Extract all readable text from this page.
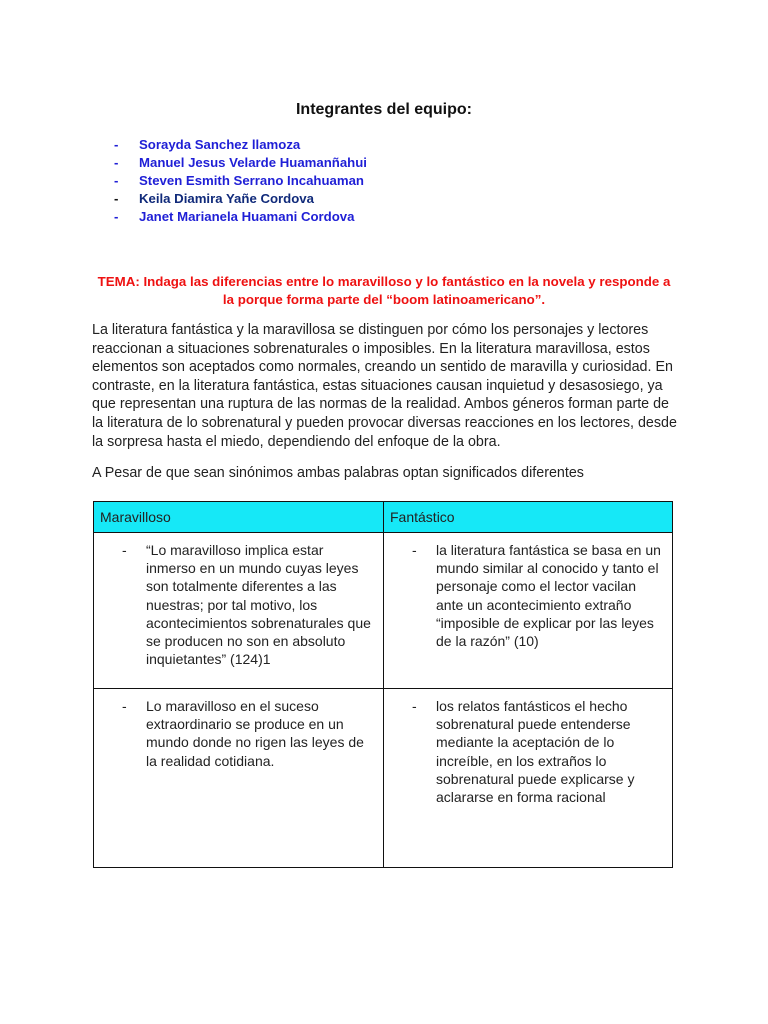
Integrantes del equipo:
- Sorayda Sanchez llamoza
- Manuel Jesus Velarde Huamanñahui
- Steven Esmith Serrano Incahuaman
- Keila Diamira Yañe Cordova
- Janet Marianela Huamani Cordova
TEMA: Indaga las diferencias entre lo maravilloso y lo fantástico en la novela y responde a la porque forma parte del “boom latinoamericano”.

La literatura fantástica y la maravillosa se distinguen por cómo los personajes y lectores reaccionan a situaciones sobrenaturales o imposibles. En la literatura maravillosa, estos elementos son aceptados como normales, creando un sentido de maravilla y curiosidad. En contraste, en la literatura fantástica, estas situaciones causan inquietud y desasosiego, ya que representan una ruptura de las normas de la realidad. Ambos géneros forman parte de la literatura de lo sobrenatural y pueden provocar diversas reacciones en los lectores, desde la sorpresa hasta el miedo, dependiendo del enfoque de la obra.

A Pesar de que sean sinónimos ambas palabras optan significados diferentes
Maravilloso	Fantástico

- “Lo maravilloso implica estar inmerso en un mundo cuyas leyes son totalmente diferentes a las nuestras; por tal motivo, los acontecimientos sobrenaturales que se producen no son en absoluto inquietantes” (124)1	- la literatura fantástica se basa en un mundo similar al conocido y tanto el personaje como el lector vacilan ante un acontecimiento extraño “imposible de explicar por las leyes de la razón” (10)

- Lo maravilloso en el suceso extraordinario se produce en un mundo donde no rigen las leyes de la realidad cotidiana.	- los relatos fantásticos el hecho sobrenatural puede entenderse mediante la aceptación de lo increíble, en los extraños lo sobrenatural puede explicarse y aclararse en forma racional
